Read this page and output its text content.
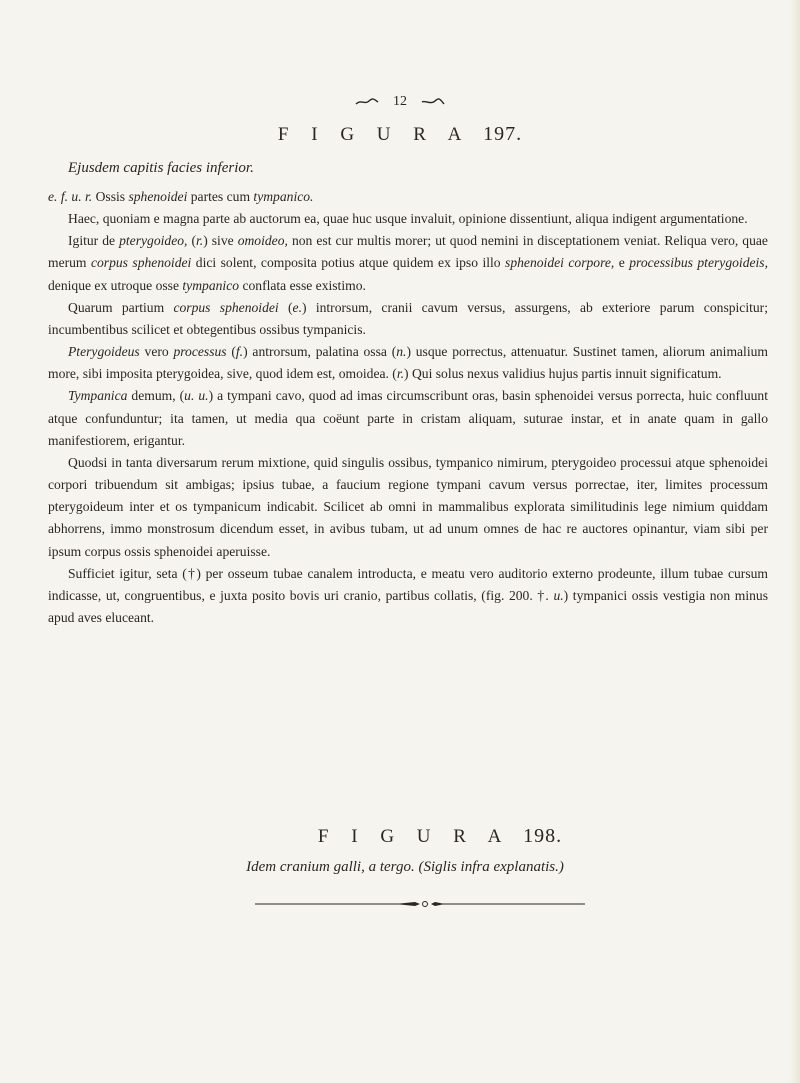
12
F I G U R A 197.
Ejusdem capitis facies inferior.

e. f. u. r. Ossis sphenoidei partes cum tympanico.

Haec, quoniam e magna parte ab auctorum ea, quae huc usque invaluit, opinione dissentiunt, aliqua indigent argumentatione.

Igitur de pterygoideo, (r.) sive omoideo, non est cur multis morer; ut quod nemini in disceptationem veniat. Reliqua vero, quae merum corpus sphenoidei dici solent, composita potius atque quidem ex ipso illo sphenoidei corpore, e processibus pterygoideis, denique ex utroque osse tympanico conflata esse existimo.

Quarum partium corpus sphenoidei (e.) introrsum, cranii cavum versus, assurgens, ab exteriore parum conspicitur; incumbentibus scilicet et obtegentibus ossibus tympanicis.

Pterygoideus vero processus (f.) antrorsum, palatina ossa (n.) usque porrectus, attenuatur. Sustinet tamen, aliorum animalium more, sibi imposita pterygoidea, sive, quod idem est, omoidea. (r.) Qui solus nexus validius hujus partis innuit significatum.

Tympanica demum, (u. u.) a tympani cavo, quod ad imas circumscribunt oras, basin sphenoidei versus porrecta, huic confluunt atque confunduntur; ita tamen, ut media qua coëunt parte in cristam aliquam, suturae instar, et in anate quam in gallo manifestiorem, erigantur.

Quodsi in tanta diversarum rerum mixtione, quid singulis ossibus, tympanico nimirum, pterygoideo processui atque sphenoidei corpori tribuendum sit ambigas; ipsius tubae, a faucium regione tympani cavum versus porrectae, iter, limites processum pterygoideum inter et os tympanicum indicabit. Scilicet ab omni in mammalibus explorata similitudinis lege nimium quiddam abhorrens, immo monstrosum dicendum esset, in avibus tubam, ut ad unum omnes de hac re auctores opinantur, viam sibi per ipsum corpus ossis sphenoidei aperuisse.

Sufficiet igitur, seta (†) per osseum tubae canalem introducta, e meatu vero auditorio externo prodeunte, illum tubae cursum indicasse, ut, congruentibus, e juxta posito bovis uri cranio, partibus collatis, (fig. 200. †. u.) tympanici ossis vestigia non minus apud aves eluceant.

F I G U R A 198.
Idem cranium galli, a tergo. (Siglis infra explanatis.)
